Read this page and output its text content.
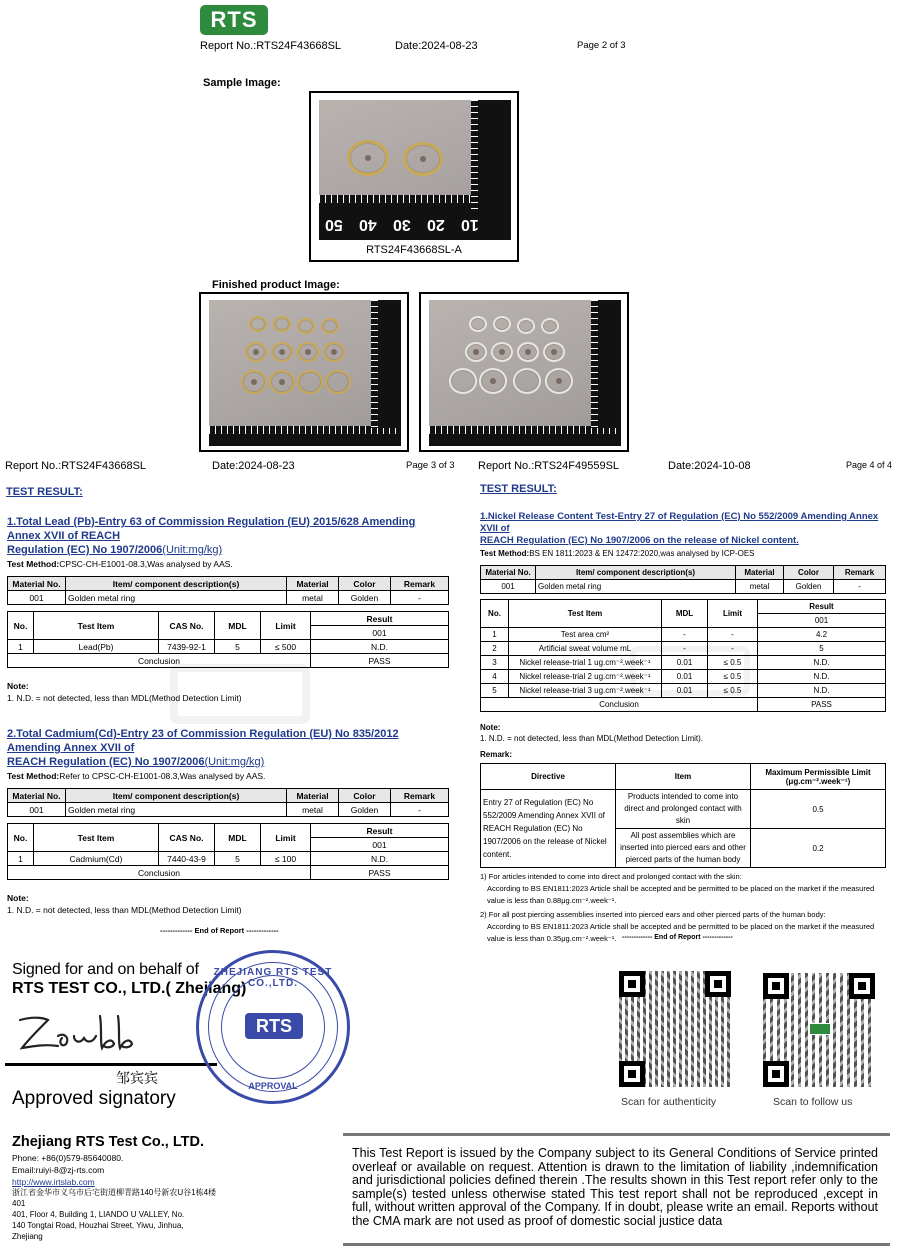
RTS
Report No.:RTS24F43668SL	Date:2024-08-23	Page 2 of 3
Sample Image:
50 40 30 20 10
RTS24F43668SL-A
Finished product Image:
Report No.:RTS24F43668SL	Date:2024-08-23	Page 3 of 3
TEST RESULT:
1.Total Lead (Pb)-Entry 63 of Commission Regulation (EU) 2015/628 Amending Annex XVII of REACH
Regulation (EC) No 1907/2006(Unit:mg/kg)
Test Method:CPSC-CH-E1001-08.3,Was analysed by AAS.
Material No.	Item/ component description(s)	Material	Color	Remark
001	Golden metal ring	metal	Golden	-
No.	Test Item	CAS No.	MDL	Limit	Result
					001
1	Lead(Pb)	7439-92-1	5	≤ 500	N.D.
Conclusion					PASS
Note:
1. N.D. = not detected, less than MDL(Method Detection Limit)
2.Total Cadmium(Cd)-Entry 23 of Commission Regulation (EU) No 835/2012 Amending Annex XVII of
REACH Regulation (EC) No 1907/2006(Unit:mg/kg)
Test Method:Refer to CPSC-CH-E1001-08.3,Was analysed by AAS.
Material No.	Item/ component description(s)	Material	Color	Remark
001	Golden metal ring	metal	Golden	-
No.	Test Item	CAS No.	MDL	Limit	Result
					001
1	Cadmium(Cd)	7440-43-9	5	≤ 100	N.D.
Conclusion					PASS
Note:
1. N.D. = not detected, less than MDL(Method Detection Limit)
------------- End of Report -------------
Report No.:RTS24F49559SL	Date:2024-10-08	Page 4 of 4
TEST RESULT:
1.Nickel Release Content Test-Entry 27 of Regulation (EC) No 552/2009 Amending Annex XVII of
REACH Regulation (EC) No 1907/2006 on the release of Nickel content.
Test Method:BS EN 1811:2023 & EN 12472:2020,was analysed by ICP-OES
Material No.	Item/ component description(s)	Material	Color	Remark
001	Golden metal ring	metal	Golden	-
No.	Test Item	MDL	Limit	Result
				001
1	Test area cm²	-	-	4.2
2	Artificial sweat volume mL	-	-	5
3	Nickel release-trial 1 ug.cm⁻².week⁻¹	0.01	≤ 0.5	N.D.
4	Nickel release-trial 2 ug.cm⁻².week⁻¹	0.01	≤ 0.5	N.D.
5	Nickel release-trial 3 ug.cm⁻².week⁻¹	0.01	≤ 0.5	N.D.
Conclusion				PASS
Note:
1. N.D. = not detected, less than MDL(Method Detection Limit).
Remark:
Directive	Item	Maximum Permissible Limit (μg.cm⁻².week⁻¹)
Entry 27 of Regulation (EC) No 552/2009 Amending Annex XVII of REACH Regulation (EC) No 1907/2006 on the release of Nickel content.	Products intended to come into direct and prolonged contact with skin	0.5
	All post assemblies which are inserted into pierced ears and other pierced parts of the human body	0.2
1) For articles intended to come into direct and prolonged contact with the skin:
According to BS EN1811:2023 Article shall be accepted and be permitted to be placed on the market if the measured value is less than 0.88μg.cm⁻².week⁻¹.
2) For all post piercing assemblies inserted into pierced ears and other pierced parts of the human body:
According to BS EN1811:2023 Article shall be accepted and be permitted to be placed on the market if the measured value is less than 0.35μg.cm⁻².week⁻¹. ------------- End of Report -------------
Signed for and on behalf of
RTS TEST CO., LTD.( Zhejiang)
邹宾宾
Approved signatory
ZHEJIANG RTS TEST CO.,LTD.
RTS
APPROVAL
Zhejiang RTS Test Co., LTD.
Phone: +86(0)579-85640080.
Email:ruiyi-8@zj-rts.com
http://www.irtslab.com
浙江省金华市义乌市后宅街道柳青路140号新农U谷1栋4楼401
401, Floor 4, Building 1, LIANDO U VALLEY, No.
140 Tongtai Road, Houzhai Street, Yiwu, Jinhua,
Zhejiang
Scan for authenticity	Scan to follow us
This Test Report is issued by the Company subject to its General Conditions of Service printed overleaf or available on request. Attention is drawn to the limitation of liability ,indemnification and jurisdictional policies defined therein .The results shown in this Test report refer only to the sample(s) tested unless otherwise stated This test report shall not be reproduced ,except in full, without written approval of the Company. If in doubt, please write an email. Reports without the CMA mark are not used as proof of domestic social justice data
